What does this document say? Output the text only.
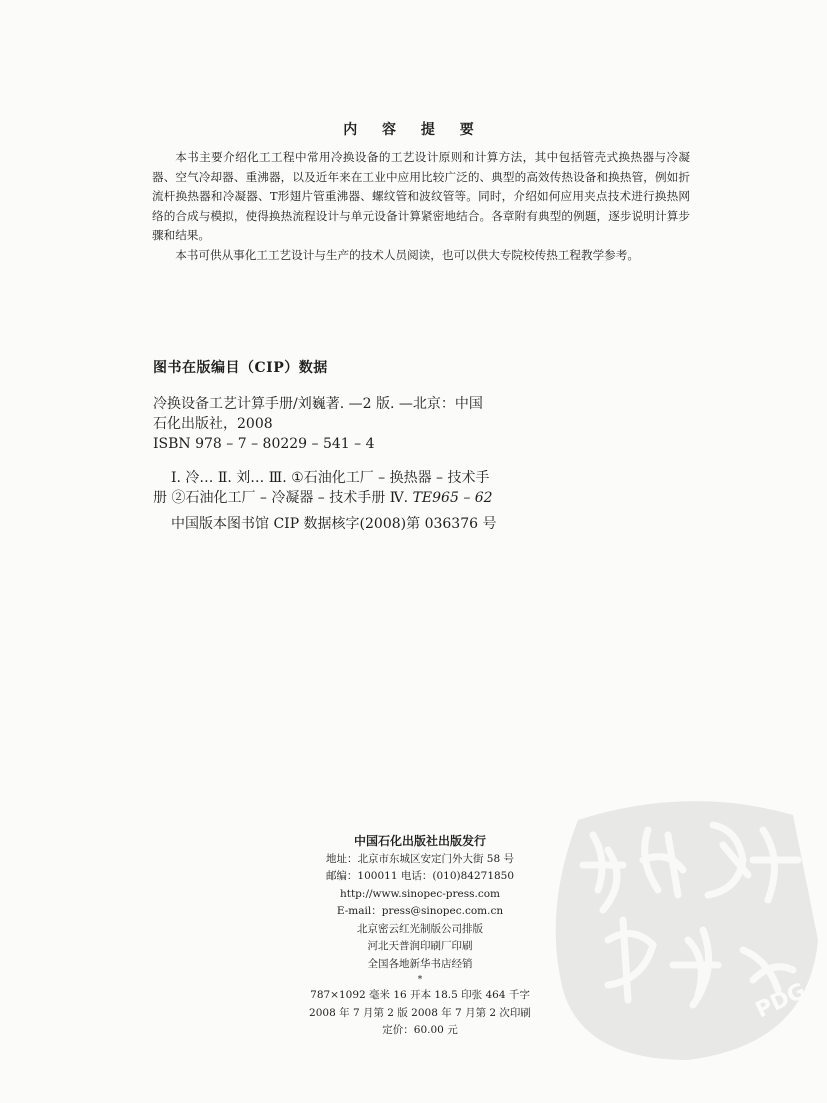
内 容 提 要

本书主要介绍化工工程中常用冷换设备的工艺设计原则和计算方法，其中包括管壳式换热器与冷凝器、空气冷却器、重沸器，以及近年来在工业中应用比较广泛的、典型的高效传热设备和换热管，例如折流杆换热器和冷凝器、T形翅片管重沸器、螺纹管和波纹管等。同时，介绍如何应用夹点技术进行换热网络的合成与模拟，使得换热流程设计与单元设备计算紧密地结合。各章附有典型的例题，逐步说明计算步骤和结果。

本书可供从事化工工艺设计与生产的技术人员阅读，也可以供大专院校传热工程教学参考。

图书在版编目（CIP）数据
冷换设备工艺计算手册/刘巍著. —2 版. —北京：中国
石化出版社，2008
ISBN 978 – 7 – 80229 – 541 – 4
Ⅰ. 冷… Ⅱ. 刘… Ⅲ. ①石油化工厂 – 换热器 – 技术手
册 ②石油化工厂 – 冷凝器 – 技术手册 Ⅳ. TE965 – 62
中国版本图书馆 CIP 数据核字(2008)第 036376 号
中国石化出版社出版发行
地址：北京市东城区安定门外大街 58 号
邮编：100011 电话：(010)84271850
http://www.sinopec-press.com
E-mail：press@sinopec.com.cn
北京密云红光制版公司排版
河北天普润印刷厂印刷
全国各地新华书店经销
*
787×1092 毫米 16 开本 18.5 印张 464 千字
2008 年 7 月第 2 版 2008 年 7 月第 2 次印刷
定价：60.00 元
PDG
